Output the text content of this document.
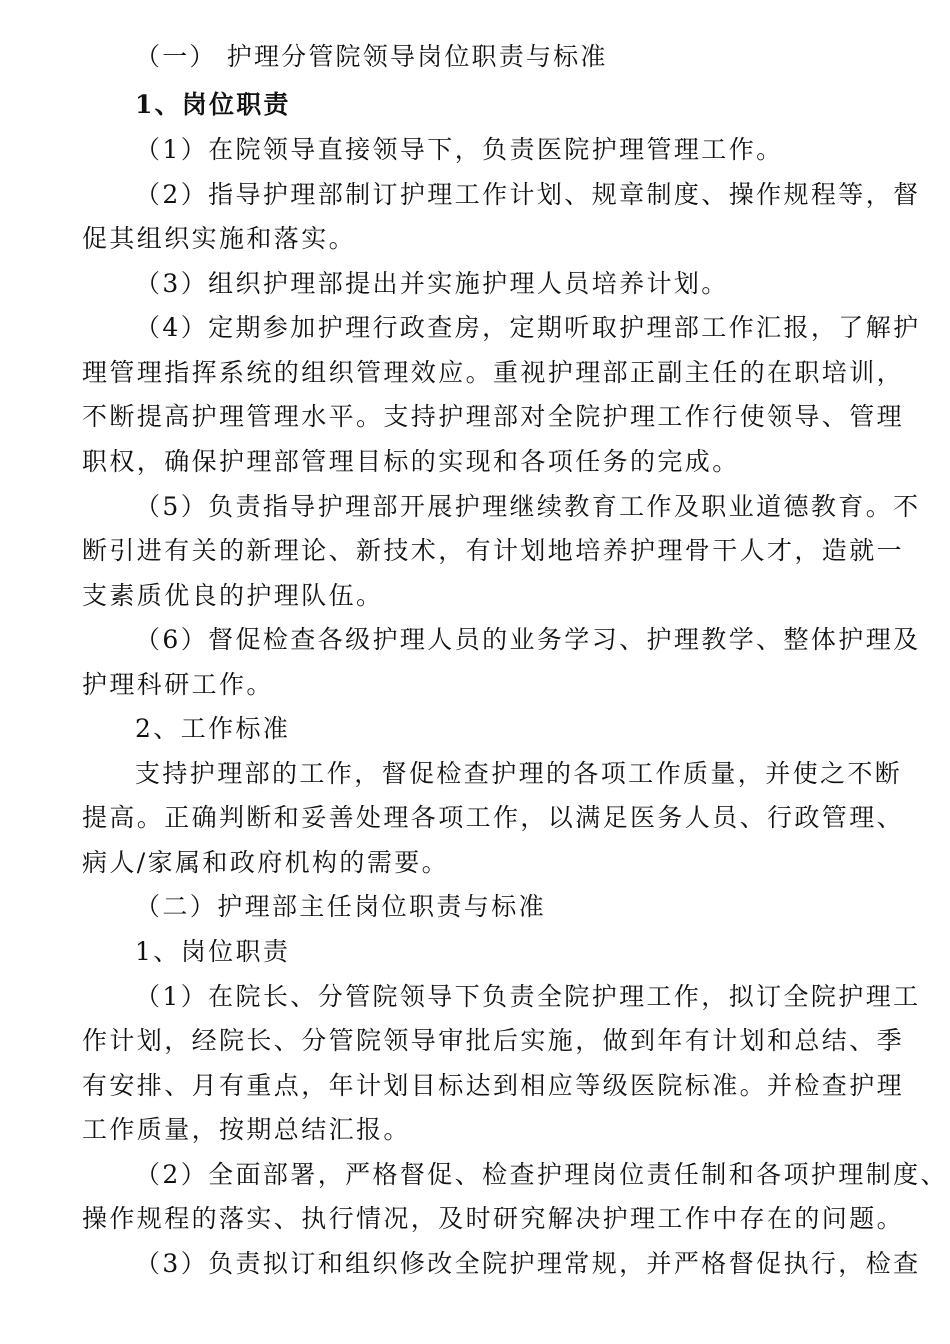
（一） 护理分管院领导岗位职责与标准
1、岗位职责
（1）在院领导直接领导下，负责医院护理管理工作。
（2）指导护理部制订护理工作计划、规章制度、操作规程等，督
促其组织实施和落实。
（3）组织护理部提出并实施护理人员培养计划。
（4）定期参加护理行政查房，定期听取护理部工作汇报，了解护
理管理指挥系统的组织管理效应。重视护理部正副主任的在职培训，
不断提高护理管理水平。支持护理部对全院护理工作行使领导、管理
职权，确保护理部管理目标的实现和各项任务的完成。
（5）负责指导护理部开展护理继续教育工作及职业道德教育。不
断引进有关的新理论、新技术，有计划地培养护理骨干人才，造就一
支素质优良的护理队伍。
（6）督促检查各级护理人员的业务学习、护理教学、整体护理及
护理科研工作。
2、工作标准
支持护理部的工作，督促检查护理的各项工作质量，并使之不断
提高。正确判断和妥善处理各项工作，以满足医务人员、行政管理、
病人/家属和政府机构的需要。
（二）护理部主任岗位职责与标准
1、岗位职责
（1）在院长、分管院领导下负责全院护理工作，拟订全院护理工
作计划，经院长、分管院领导审批后实施，做到年有计划和总结、季
有安排、月有重点，年计划目标达到相应等级医院标准。并检查护理
工作质量，按期总结汇报。
（2）全面部署，严格督促、检查护理岗位责任制和各项护理制度、
操作规程的落实、执行情况，及时研究解决护理工作中存在的问题。
（3）负责拟订和组织修改全院护理常规，并严格督促执行，检查
